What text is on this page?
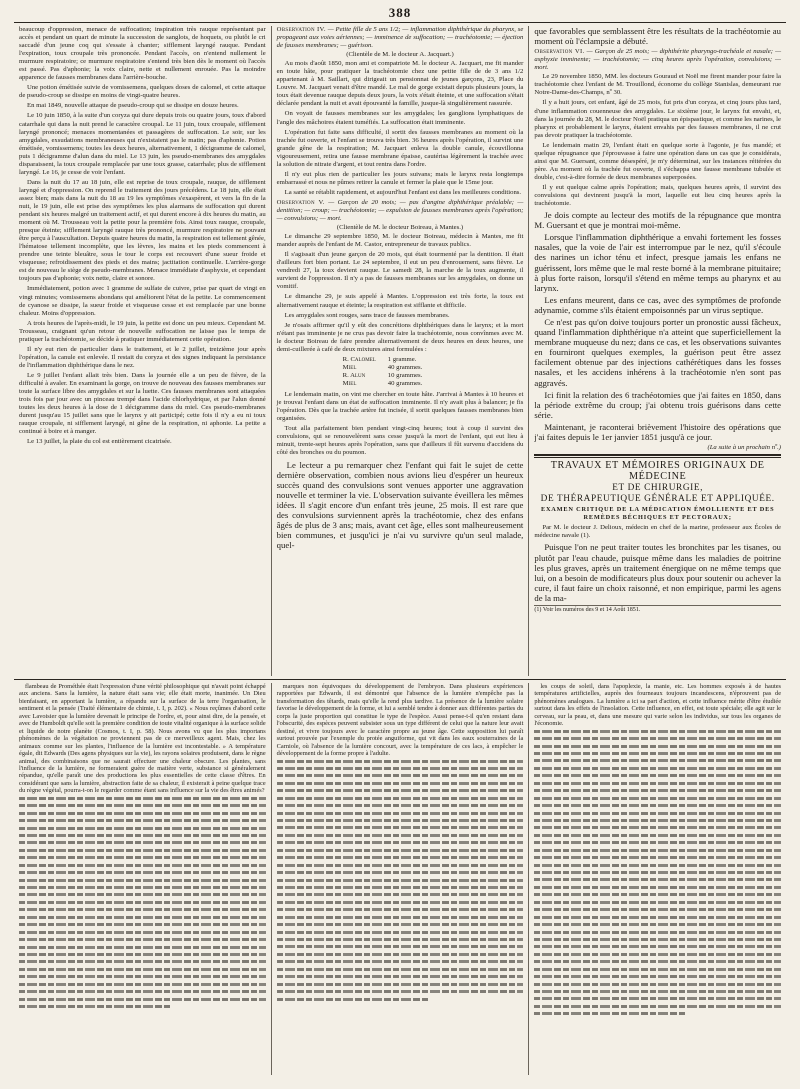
388

beaucoup d'oppression, menace de suffocation; inspiration très rauque représentant par accès et pendant un quart de minute la succession de sanglots, de hoquets, ou plutôt le cri saccadé d'un jeune coq qui s'essaie à chanter; sifflement laryngé rauque. Pendant l'expiration, toux croupale très prononcée. Pendant l'accès, on n'entend nullement le murmure respiratoire; ce murmure respiratoire s'entend très bien dès le moment où l'accès est passé. Pas d'aphonie; la voix claire, nette et nullement enrouée. Pas la moindre apparence de fausses membranes dans l'arrière-bouche.

Une potion émétisée suivie de vomissemens, quelques doses de calomel, et cette attaque de pseudo-croup se dissipe en moins de vingt-quatre heures.

En mai 1849, nouvelle attaque de pseudo-croup qui se dissipe en douze heures.

Le 10 juin 1850, à la suite d'un coryza qui dure depuis trois ou quatre jours, toux d'abord catarrhale qui dans la nuit prend le caractère croupal. Le 11 juin, toux croupale, sifflement laryngé prononcé; menaces momentanées et passagères de suffocation. Le soir, sur les amygdales, exsudations membraneuses qui n'existaient pas le matin; pas d'aphonie. Potion émétisée, vomissemens; toutes les deux heures, alternativement, 1 décigramme de calomel, puis 1 décigramme d'alun dans du miel. Le 13 juin, les pseudo-membranes des amygdales disparaissent, la toux croupale remplacée par une toux grasse, catarrhale; plus de sifflement laryngé. Le 16, je cesse de voir l'enfant.

Dans la nuit du 17 au 18 juin, elle est reprise de toux croupale, rauque, de sifflement laryngé et d'oppression. On reprend le traitement des jours précédens. Le 18 juin, elle était assez bien; mais dans la nuit du 18 au 19 les symptômes s'exaspèrent, et vers la fin de la nuit, le 19 juin, elle est prise des symptômes les plus alarmans de suffocation qui durent pendant six heures malgré un traitement actif, et qui durent encore à dix heures du matin, au moment où M. Trousseau voit la petite pour la première fois. Ainsi toux rauque, croupale, presque éteinte; sifflement laryngé rauque très prononcé, murmure respiratoire ne pouvant être perçu à l'auscultation. Depuis quatre heures du matin, la respiration est tellement gênée, l'hématose tellement incomplète, que les lèvres, les mains et les pieds commencent à prendre une teinte bleuâtre, sous le tour le corps est recouvert d'une sueur froide et visqueuse; refroidissement des pieds et des mains; jactitation continuelle. L'arrière-gorge est de nouveau le siège de pseudo-membranes. Menace immédiate d'asphyxie, et cependant toujours pas d'aphonie; voix nette, claire et sonore.

Immédiatement, potion avec 1 gramme de sulfate de cuivre, prise par quart de vingt en vingt minutes; vomissemens abondans qui améliorent l'état de la petite. Le commencement de cyanose se dissipe, la sueur froide et visqueuse cesse et est remplacée par une bonne chaleur. Moins d'oppression.

A trois heures de l'après-midi, le 19 juin, la petite est donc un peu mieux. Cependant M. Trousseau, craignant qu'un retour de nouvelle suffocation ne laisse pas le temps de pratiquer la trachéotomie, se décide à pratiquer immédiatement cette opération.

Il n'y eut rien de particulier dans le traitement, et le 2 juillet, treizième jour après l'opération, la canule est enlevée. Il restait du coryza et des signes indiquant la persistance de l'inflammation diphthérique dans le nez.

Le 9 juillet l'enfant allait très bien. Dans la journée elle a un peu de fièvre, de la difficulté à avaler. En examinant la gorge, on trouve de nouveau des fausses membranes sur toute la surface libre des amygdales et sur la luette. Ces fausses membranes sont attaquées trois fois par jour avec un pinceau trempé dans l'acide chlorhydrique, et par l'alun donné toutes les deux heures à la dose de 1 décigramme dans du miel. Ces pseudo-membranes durent jusqu'au 15 juillet sans que le larynx y ait participé; cette fois il n'y a eu ni toux rauque croupale, ni sifflement laryngé, ni gêne de la respiration, ni aphonie. La petite a continué à boire et à manger.

Le 13 juillet, la plaie du col est entièrement cicatrisée.

Observation IV. — Petite fille de 5 ans 1/2; — inflammation diphthérique du pharynx, se propageant aux voies aériennes; — imminence de suffocation; — trachéotomie; — éjection de fausses membranes; — guérison.
(Clientèle de M. le docteur A. Jacquart.)

Au mois d'août 1850, mon ami et compatriote M. le docteur A. Jacquart, me fit mander en toute hâte, pour pratiquer la trachéotomie chez une petite fille de de 3 ans 1/2 appartenant à M. Saillart, qui dirigeait un pensionnat de jeunes garçons, 23, Place du Louvre. M. Jacquart venait d'être mandé. Le mal de gorge existait depuis plusieurs jours, la toux était devenue rauque depuis deux jours, la voix s'était éteinte, et une suffocation s'était déclarée pendant la nuit et avait épouvanté la famille, jusque-là singulièrement rassurée.

On voyait de fausses membranes sur les amygdales; les ganglions lymphatiques de l'angle des mâchoires étaient tuméfiés. La suffocation était imminente.

L'opération fut faite sans difficulté, il sortit des fausses membranes au moment où la trachée fut ouverte, et l'enfant se trouva très bien. 36 heures après l'opération, il survint une grande gêne de la respiration; M. Jacquart enleva la double canule, écouvillonna vigoureusement, retira une fausse membrane épaisse, cautérisa légèrement la trachée avec la solution de nitrate d'argent, et tout rentra dans l'ordre.

Il n'y eut plus rien de particulier les jours suivans; mais le larynx resta longtemps embarrassé et nous ne pûmes retirer la canule et fermer la plaie que le 15me jour.

La santé se rétablit rapidement, et aujourd'hui l'enfant est dans les meilleures conditions.

Observation V. — Garçon de 20 mois; — pas d'angine diphthérique préalable; — dentition; — croup; — trachéotomie; — expulsion de fausses membranes après l'opération; — convulsions; — mort.
(Clientèle de M. le docteur Boireau, à Mantes.)

Le dimanche 29 septembre 1850, M. le docteur Boireau, médecin à Mantes, me fit mander auprès de l'enfant de M. Castor, entrepreneur de travaux publics.

Il s'agissait d'un jeune garçon de 20 mois, qui était tourmenté par la dentition. Il était d'ailleurs fort bien portant. Le 24 septembre, il eut un peu d'enrouement, sans fièvre. Le vendredi 27, la toux devient rauque. Le samedi 28, la marche de la toux augmente, il survient de l'oppression. Il n'y a pas de fausses membranes sur les amygdales, on donne un vomitif.

Le dimanche 29, je suis appelé à Mantes. L'oppression est très forte, la toux est alternativement rauque et éteinte; la respiration est sifflante et difficile.

Les amygdales sont rouges, sans trace de fausses membranes.

Je n'osais affirmer qu'il y eût des concrétions diphthériques dans le larynx; et la mort n'étant pas imminente je ne crus pas devoir faire la trachéotomie, nous convînmes avec M. le docteur Boireau de faire prendre alternativement de deux heures en deux heures, une demi-cuillerée à café de deux mixtures ainsi formulées :

R. Calomel	1 gramme.
Miel	40 grammes.
R. Alun	10 grammes.
Miel	40 grammes.

Le lendemain matin, on vint me chercher en toute hâte. J'arrivai à Mantes à 10 heures et je trouvai l'enfant dans un état de suffocation imminente. Il n'y avait plus à balancer; je fis l'opération. Dès que la trachée artère fut incisée, il sortit quelques fausses membranes bien organisées.

Tout alla parfaitement bien pendant vingt-cinq heures; tout à coup il survint des convulsions, qui se renouvelèrent sans cesse jusqu'à la mort de l'enfant, qui eut lieu à minuit, trente-sept heures après l'opération, sans que d'ailleurs il fût survenu d'accidens du côté des bronches ou du poumon.

Le lecteur a pu remarquer chez l'enfant qui fait le sujet de cette dernière observation, combien nous avions lieu d'espérer un heureux succès quand des convulsions sont venues apporter une aggravation nouvelle et terminer la vie. L'observation suivante éveillera les mêmes idées. Il s'agit encore d'un enfant très jeune, 25 mois. Il est rare que des convulsions surviennent après la trachéotomie, chez des enfans âgés de plus de 3 ans; mais, avant cet âge, elles sont malheureusement bien communes, et jusqu'ici je n'ai vu survivre qu'un seul malade, quel-

que favorables que semblassent être les résultats de la trachéotomie au moment où l'éclampsie a débuté.

Observation VI. — Garçon de 25 mois; — diphthérite pharyngo-trachéale et nasale; — asphyxie imminente; — trachéotomie; — cinq heures après l'opération, convulsions; — mort.

Le 29 novembre 1850, MM. les docteurs Gouraud et Noël me firent mander pour faire la trachéotomie chez l'enfant de M. Trouillond, économe du collège Stanislas, demeurant rue Notre-Dame-des-Champs, nº 30.

Il y a huit jours, cet enfant, âgé de 25 mois, fut pris d'un coryza, et cinq jours plus tard, d'une inflammation couenneuse des amygdales. Le sixième jour, le larynx fut envahi, et, dans la journée du 28, M. le docteur Noël pratiqua un épispastique, et comme les narines, le pharynx et probablement le larynx, étaient envahis par des fausses membranes, il ne crut pas devoir pratiquer la trachéotomie.

Le lendemain matin 29, l'enfant était en quelque sorte à l'agonie, je fus mandé; et quelque répugnance que j'éprouvasse à faire une opération dans un cas que je considérais, ainsi que M. Guersant, comme désespéré, je m'y déterminai, sur les instances réitérées du père. Au moment où la trachée fut ouverte, il s'échappa une fausse membrane tubulée et double, c'est-à-dire formée de deux membranes superposées.

Il y eut quelque calme après l'opération; mais, quelques heures après, il survint des convulsions qui devinrent jusqu'à la mort, laquelle eut lieu cinq heures après la trachéotomie.

Je dois compte au lecteur des motifs de la répugnance que montra M. Guersant et que je montrai moi-même.

Lorsque l'inflammation diphthérique a envahi fortement les fosses nasales, que la voie de l'air est interrompue par le nez, qu'il s'écoule des narines un ichor ténu et infect, presque jamais les enfans ne guérissent, lors même que le mal reste borné à la membrane pituitaire; à plus forte raison, lorsqu'il s'étend en même temps au pharynx et au larynx.

Les enfans meurent, dans ce cas, avec des symptômes de profonde adynamie, comme s'ils étaient empoisonnés par un virus septique.

Ce n'est pas qu'on doive toujours porter un pronostic aussi fâcheux, quand l'inflammation diphthérique n'a atteint que superficiellement la membrane muqueuse du nez; dans ce cas, et les observations suivantes en fourniront quelques exemples, la guérison peut être assez facilement obtenue par des injections cathérétiques dans les fosses nasales, et les accidens inhérens à la trachéotomie n'en sont pas aggravés.

Ici finit la relation des 6 trachéotomies que j'ai faites en 1850, dans la période extrême du croup; j'ai obtenu trois guérisons dans cette série.

Maintenant, je raconterai brièvement l'histoire des opérations que j'ai faites depuis le 1er janvier 1851 jusqu'à ce jour.

(La suite à un prochain nº.)
TRAVAUX ET MÉMOIRES ORIGINAUX DE MÉDECINE
ET DE CHIRURGIE,
DE THÉRAPEUTIQUE GÉNÉRALE ET APPLIQUÉE.
EXAMEN CRITIQUE DE LA MÉDICATION ÉMOLLIENTE ET DES
REMÈDES BÉCHIQUES ET PECTORAUX;
Par M. le docteur J. Delioux, médecin en chef de la marine, professeur aux Écoles de médecine navale (1).

Puisque l'on ne peut traiter toutes les bronchites par les tisanes, ou plutôt par l'eau chaude, puisque même dans les maladies de poitrine les plus graves, après un traitement énergique on ne même temps que lui, on a besoin de modificateurs plus doux pour soutenir ou achever la cure, il faut faire un choix raisonné, et non empirique, parmi les agens de la ma-

(1) Voir les numéros des 9 et 14 Août 1851.

flambeau de Prométhée était l'expression d'une vérité philosophique qui n'avait point échappé aux anciens. Sans la lumière, la nature était sans vie; elle était morte, inanimée. Un Dieu bienfaisant, en apportant la lumière, a répandu sur la surface de la terre l'organisation, le sentiment et la pensée (Traité élémentaire de chimie, t. I, p. 202). « Nous reçûmes d'abord cette avec Lavoisier que la lumière devenait le principe de l'ordre, et, pour ainsi dire, de la pensée, et avec de Humboldt qu'elle soit la première condition de toute vitalité organique à la surface solide et liquide de notre planète (Cosmos, t. I, p. 58). Nous avons vu que les plus importans phénomènes de la végétation ne proviennent pas de ce merveilleux agent. Mais, chez les animaux comme sur les plantes, l'influence de la lumière est incontestable. » A température égale, dit Edwards (Des agens physiques sur la vie), les rayons solaires produisent, dans le règne animal, des combinaisons que ne saurait effectuer une chaleur obscure. Les plantes, sans l'influence de la lumière, ne formeraient guère de matière verte, substance si généralement répandue, qu'elle paraît une des productions les plus essentielles de cette classe d'êtres. En considérant que sans la lumière, abstraction faite de sa chaleur, il existerait à peine quelque trace du règne végétal, pourra-t-on le regarder comme étant sans influence sur la vie des êtres animés?

marques non équivoques du développement de l'embryon. Dans plusieurs expériences rapportées par Edwards, il est démontré que l'absence de la lumière n'empêche pas la transformation des têtards, mais qu'elle la rend plus tardive. La présence de la lumière solaire favorise le développement de la forme, et lui a semblé tendre à donner aux différentes parties du corps la juste proportion qui constitue le type de l'espèce. Aussi pense-t-il qu'en restant dans l'obscurité, des espèces peuvent subsister sous un type différent de celui que la nature leur avait destiné, et vivre toujours avec le caractère propre au jeune âge. Cette supposition lui paraît surtout prouvée par l'exemple du protée anguiforme, qui vit dans les eaux souterraines de la Carniole, où l'absence de la lumière concourt, avec la température de ces lacs, à empêcher le développement de la forme propre à l'adulte.

les coups de soleil, dans l'apoplexie, la manie, etc. Les hommes exposés à de hautes températures artificielles, auprès des fourneaux toujours incandescens, n'éprouvent pas de phénomènes analogues. La lumière a ici sa part d'action, et cette influence mérite d'être étudiée surtout dans les effets de l'insolation. Cette influence, en effet, est toute spéciale; elle agit sur le cerveau, sur la peau, et, dans une mesure qui varie selon les individus, sur tous les organes de l'économie.
